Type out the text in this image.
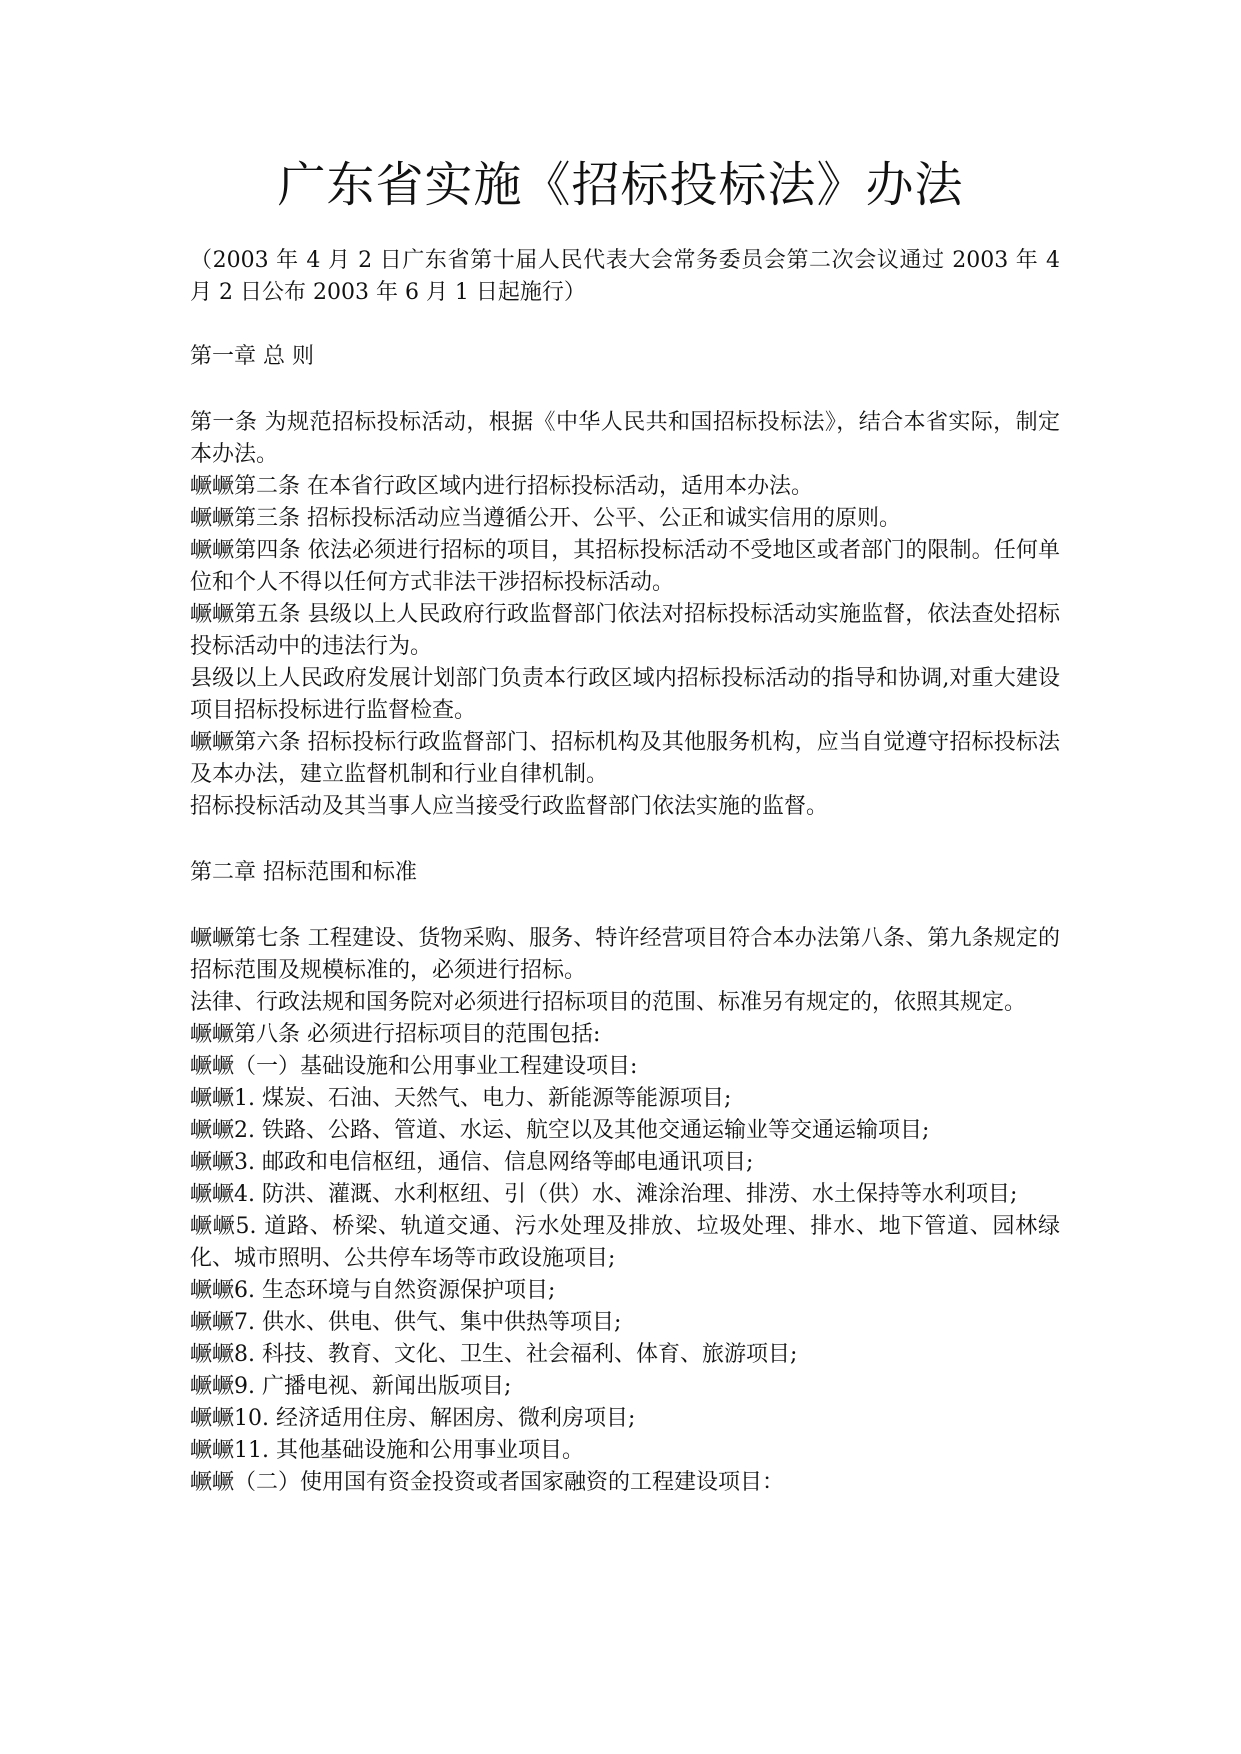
广东省实施《招标投标法》办法

（2003 年 4 月 2 日广东省第十届人民代表大会常务委员会第二次会议通过 2003 年 4 月 2 日公布 2003 年 6 月 1 日起施行）

第一章 总 则

第一条 为规范招标投标活动，根据《中华人民共和国招标投标法》，结合本省实际，制定本办法。

嶥嶥第二条 在本省行政区域内进行招标投标活动，适用本办法。

嶥嶥第三条 招标投标活动应当遵循公开、公平、公正和诚实信用的原则。

嶥嶥第四条 依法必须进行招标的项目，其招标投标活动不受地区或者部门的限制。任何单位和个人不得以任何方式非法干涉招标投标活动。

嶥嶥第五条 县级以上人民政府行政监督部门依法对招标投标活动实施监督，依法查处招标投标活动中的违法行为。

县级以上人民政府发展计划部门负责本行政区域内招标投标活动的指导和协调,对重大建设项目招标投标进行监督检查。

嶥嶥第六条 招标投标行政监督部门、招标机构及其他服务机构，应当自觉遵守招标投标法及本办法，建立监督机制和行业自律机制。

招标投标活动及其当事人应当接受行政监督部门依法实施的监督。

第二章 招标范围和标准

嶥嶥第七条 工程建设、货物采购、服务、特许经营项目符合本办法第八条、第九条规定的招标范围及规模标准的，必须进行招标。

法律、行政法规和国务院对必须进行招标项目的范围、标准另有规定的，依照其规定。

嶥嶥第八条 必须进行招标项目的范围包括:

嶥嶥（一）基础设施和公用事业工程建设项目:

嶥嶥1. 煤炭、石油、天然气、电力、新能源等能源项目;

嶥嶥2. 铁路、公路、管道、水运、航空以及其他交通运输业等交通运输项目;

嶥嶥3. 邮政和电信枢纽，通信、信息网络等邮电通讯项目;

嶥嶥4. 防洪、灌溉、水利枢纽、引（供）水、滩涂治理、排涝、水土保持等水利项目;

嶥嶥5. 道路、桥梁、轨道交通、污水处理及排放、垃圾处理、排水、地下管道、园林绿化、城市照明、公共停车场等市政设施项目;

嶥嶥6. 生态环境与自然资源保护项目;

嶥嶥7. 供水、供电、供气、集中供热等项目;

嶥嶥8. 科技、教育、文化、卫生、社会福利、体育、旅游项目;

嶥嶥9. 广播电视、新闻出版项目;

嶥嶥10. 经济适用住房、解困房、微利房项目;

嶥嶥11. 其他基础设施和公用事业项目。

嶥嶥（二）使用国有资金投资或者国家融资的工程建设项目：
